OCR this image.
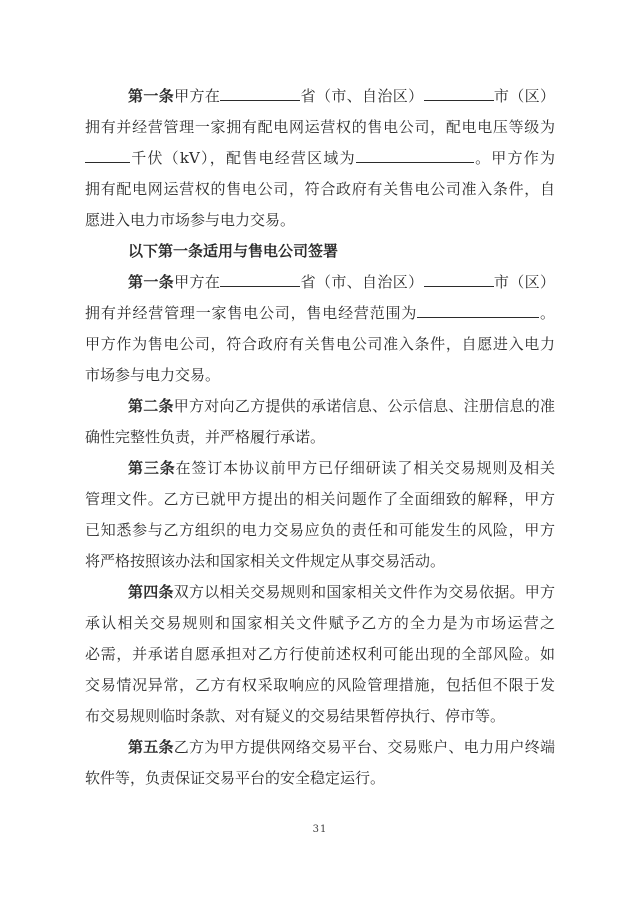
第一条甲方在	省（市、自治区）	市（区）
拥有并经营管理一家拥有配电网运营权的售电公司，配电电压等级为
千伏（kV），配售电经营区域为	。甲方作为
拥有配电网运营权的售电公司，符合政府有关售电公司准入条件，自
愿进入电力市场参与电力交易。
以下第一条适用与售电公司签署
第一条甲方在	省（市、自治区）	市（区）
拥有并经营管理一家售电公司，售电经营范围为	。
甲方作为售电公司，符合政府有关售电公司准入条件，自愿进入电力
市场参与电力交易。
第二条甲方对向乙方提供的承诺信息、公示信息、注册信息的准
确性完整性负责，并严格履行承诺。
第三条在签订本协议前甲方已仔细研读了相关交易规则及相关
管理文件。乙方已就甲方提出的相关问题作了全面细致的解释，甲方
已知悉参与乙方组织的电力交易应负的责任和可能发生的风险，甲方
将严格按照该办法和国家相关文件规定从事交易活动。
第四条双方以相关交易规则和国家相关文件作为交易依据。甲方
承认相关交易规则和国家相关文件赋予乙方的全力是为市场运营之
必需，并承诺自愿承担对乙方行使前述权利可能出现的全部风险。如
交易情况异常，乙方有权采取响应的风险管理措施，包括但不限于发
布交易规则临时条款、对有疑义的交易结果暂停执行、停市等。
第五条乙方为甲方提供网络交易平台、交易账户、电力用户终端
软件等，负责保证交易平台的安全稳定运行。
31
